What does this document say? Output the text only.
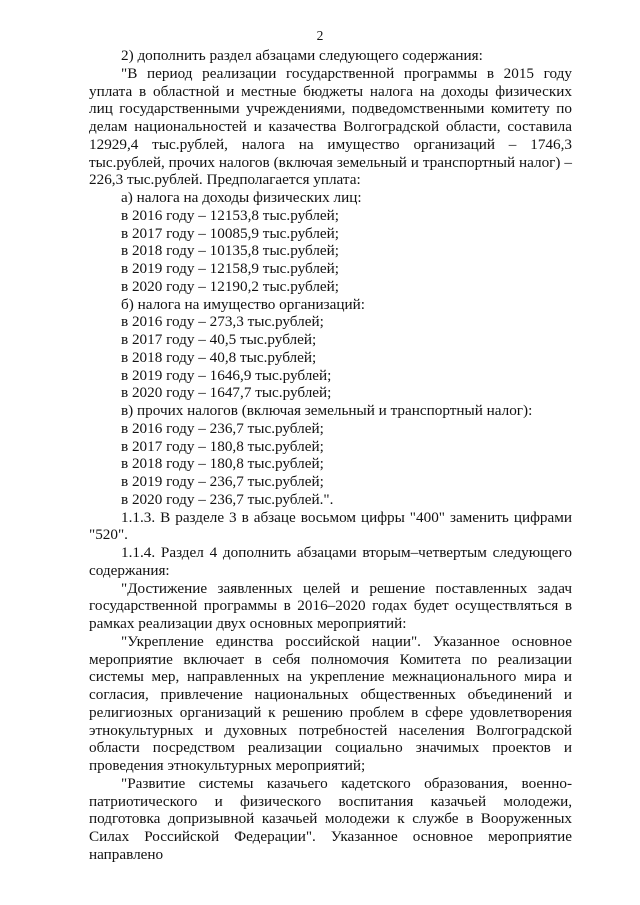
2

2) дополнить раздел абзацами следующего содержания:

"В период реализации государственной программы в 2015 году уплата в областной и местные бюджеты налога на доходы физических лиц государственными учреждениями, подведомственными комитету по делам национальностей и казачества Волгоградской области, составила 12929,4 тыс.рублей, налога на имущество организаций – 1746,3 тыс.рублей, прочих налогов (включая земельный и транспортный налог) – 226,3 тыс.рублей. Предполагается уплата:

а) налога на доходы физических лиц:

в 2016 году – 12153,8 тыс.рублей;

в 2017 году – 10085,9 тыс.рублей;

в 2018 году – 10135,8 тыс.рублей;

в 2019 году – 12158,9 тыс.рублей;

в 2020 году – 12190,2 тыс.рублей;

б) налога на имущество организаций:

в 2016 году – 273,3 тыс.рублей;

в 2017 году – 40,5 тыс.рублей;

в 2018 году – 40,8 тыс.рублей;

в 2019 году – 1646,9 тыс.рублей;

в 2020 году – 1647,7 тыс.рублей;

в) прочих налогов (включая земельный и транспортный налог):

в 2016 году – 236,7 тыс.рублей;

в 2017 году – 180,8 тыс.рублей;

в 2018 году – 180,8 тыс.рублей;

в 2019 году – 236,7 тыс.рублей;

в 2020 году – 236,7 тыс.рублей.".

1.1.3. В разделе 3 в абзаце восьмом цифры "400" заменить цифрами "520".

1.1.4. Раздел 4 дополнить абзацами вторым–четвертым следующего содержания:

"Достижение заявленных целей и решение поставленных задач государственной программы в 2016–2020 годах будет осуществляться в рамках реализации двух основных мероприятий:

"Укрепление единства российской нации". Указанное основное мероприятие включает в себя полномочия Комитета по реализации системы мер, направленных на укрепление межнационального мира и согласия, привлечение национальных общественных объединений и религиозных организаций к решению проблем в сфере удовлетворения этнокультурных и духовных потребностей населения Волгоградской области посредством реализации социально значимых проектов и проведения этнокультурных мероприятий;

"Развитие системы казачьего кадетского образования, военно-патриотического и физического воспитания казачьей молодежи, подготовка допризывной казачьей молодежи к службе в Вооруженных Силах Российской Федерации". Указанное основное мероприятие направлено
